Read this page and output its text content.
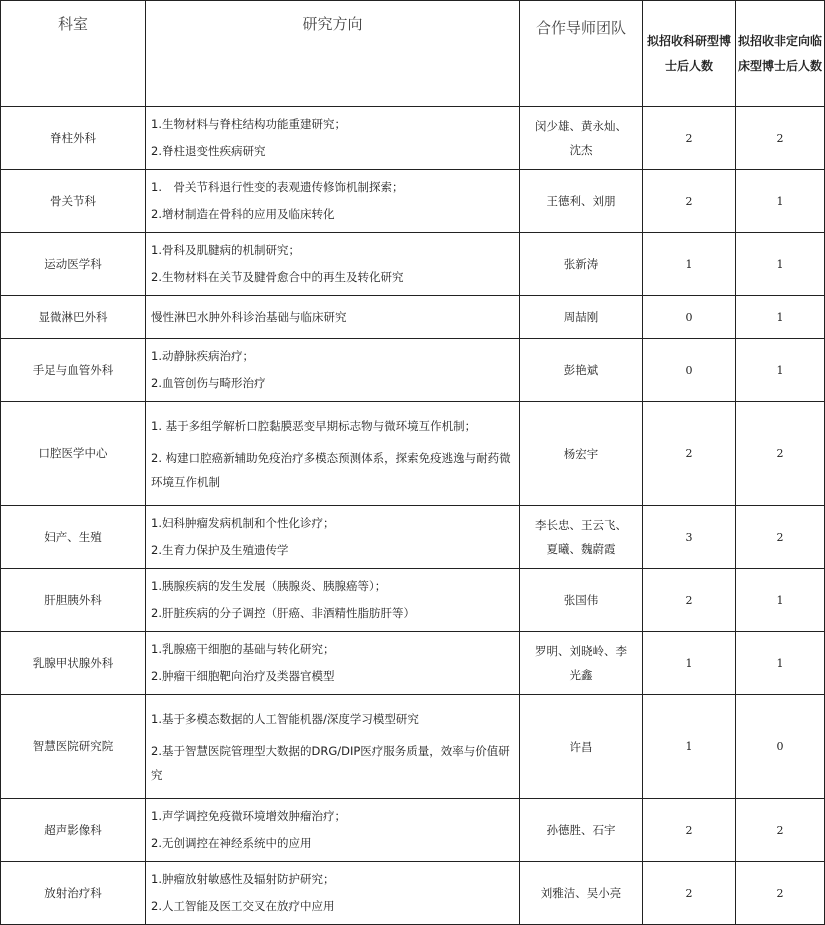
科室	研究方向	合作导师团队	拟招收科研型博士后人数	拟招收非定向临床型博士后人数
脊柱外科	1.生物材料与脊柱结构功能重建研究；
2.脊柱退变性疾病研究	闵少雄、黄永灿、沈杰	2	2
骨关节科	1.　骨关节科退行性变的表观遗传修饰机制探索；
2.增材制造在骨科的应用及临床转化	王德利、刘朋	2	1
运动医学科	1.骨科及肌腱病的机制研究；
2.生物材料在关节及腱骨愈合中的再生及转化研究	张新涛	1	1
显微淋巴外科	慢性淋巴水肿外科诊治基础与临床研究	周喆刚	0	1
手足与血管外科	1.动静脉疾病治疗；
2.血管创伤与畸形治疗	彭艳斌	0	1
口腔医学中心	1. 基于多组学解析口腔黏膜恶变早期标志物与微环境互作机制；
2. 构建口腔癌新辅助免疫治疗多模态预测体系，探索免疫逃逸与耐药微环境互作机制	杨宏宇	2	2
妇产、生殖	1.妇科肿瘤发病机制和个性化诊疗；
2.生育力保护及生殖遗传学	李长忠、王云飞、夏曦、魏蔚霞	3	2
肝胆胰外科	1.胰腺疾病的发生发展（胰腺炎、胰腺癌等）；
2.肝脏疾病的分子调控（肝癌、非酒精性脂肪肝等）	张国伟	2	1
乳腺甲状腺外科	1.乳腺癌干细胞的基础与转化研究；
2.肿瘤干细胞靶向治疗及类器官模型	罗明、刘晓岭、李光鑫	1	1
智慧医院研究院	1.基于多模态数据的人工智能机器/深度学习模型研究
2.基于智慧医院管理型大数据的DRG/DIP医疗服务质量，效率与价值研究	许昌	1	0
超声影像科	1.声学调控免疫微环境增效肿瘤治疗；
2.无创调控在神经系统中的应用	孙德胜、石宇	2	2
放射治疗科	1.肿瘤放射敏感性及辐射防护研究；
2.人工智能及医工交叉在放疗中应用	刘雅洁、吴小亮	2	2
